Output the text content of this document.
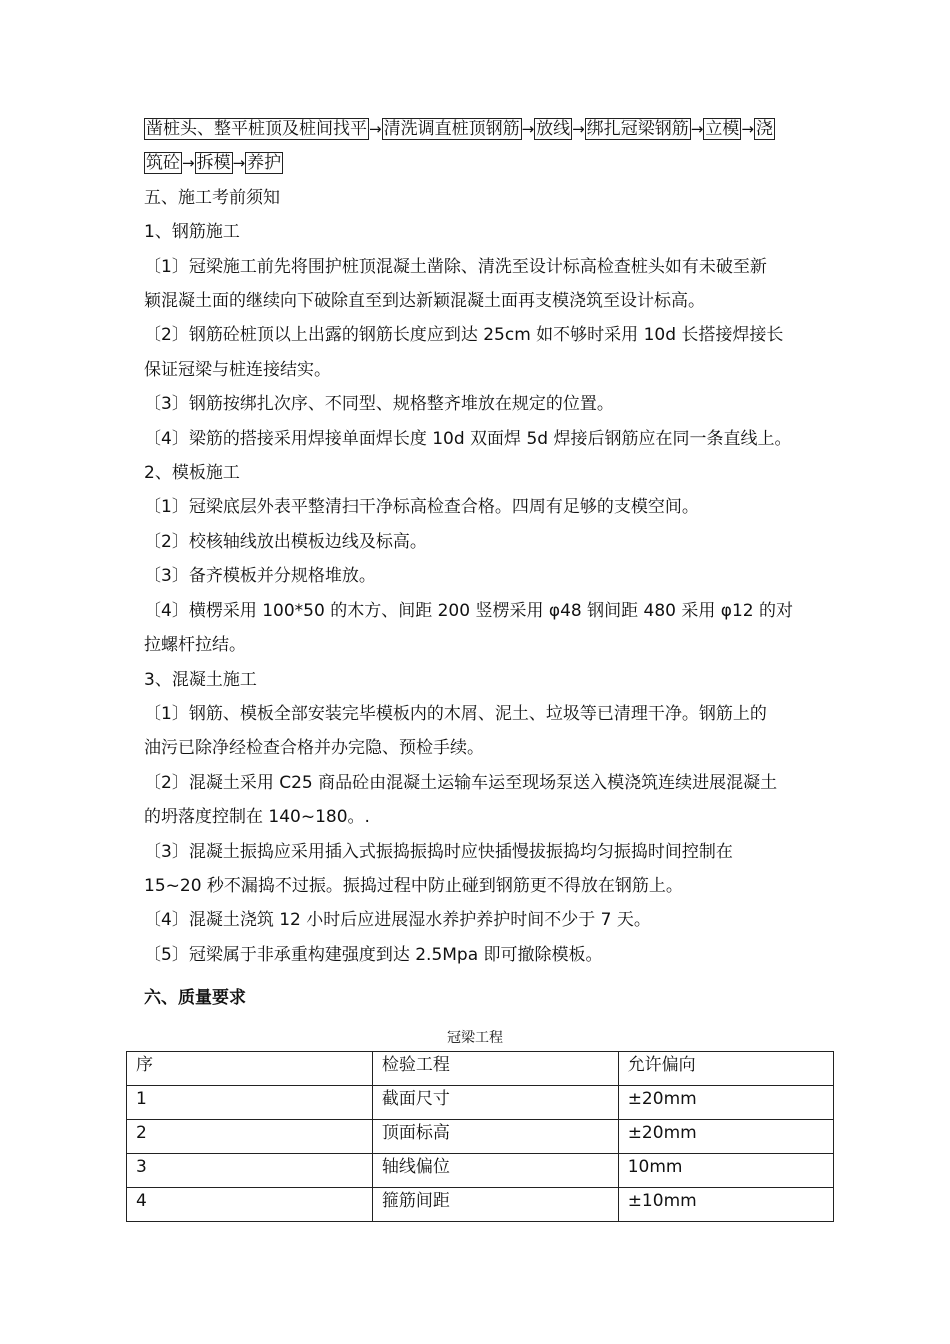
凿桩头、整平桩顶及桩间找平 → 清洗调直桩顶钢筋 → 放线 → 绑扎冠梁钢筋 → 立模 → 浇

筑砼 → 拆模 → 养护

五、施工考前须知

1、钢筋施工

〔1〕冠梁施工前先将围护桩顶混凝土凿除、清洗至设计标高检查桩头如有未破至新

颖混凝土面的继续向下破除直至到达新颖混凝土面再支模浇筑至设计标高。

〔2〕钢筋砼桩顶以上出露的钢筋长度应到达 25cm 如不够时采用 10d 长搭接焊接长

保证冠梁与桩连接结实。

〔3〕钢筋按绑扎次序、不同型、规格整齐堆放在规定的位置。

〔4〕梁筋的搭接采用焊接单面焊长度 10d 双面焊 5d 焊接后钢筋应在同一条直线上。

2、模板施工

〔1〕冠梁底层外表平整清扫干净标高检查合格。四周有足够的支模空间。

〔2〕校核轴线放出模板边线及标高。

〔3〕备齐模板并分规格堆放。

〔4〕横楞采用 100*50 的木方、间距 200 竖楞采用 φ48 钢间距 480 采用 φ12 的对

拉螺杆拉结。

3、混凝土施工

〔1〕钢筋、模板全部安装完毕模板内的木屑、泥土、垃圾等已清理干净。钢筋上的

油污已除净经检查合格并办完隐、预检手续。

〔2〕混凝土采用 C25 商品砼由混凝土运输车运至现场泵送入模浇筑连续进展混凝土

的坍落度控制在 140~180。.

〔3〕混凝土振捣应采用插入式振捣振捣时应快插慢拔振捣均匀振捣时间控制在

15~20 秒不漏捣不过振。振捣过程中防止碰到钢筋更不得放在钢筋上。

〔4〕混凝土浇筑 12 小时后应进展湿水养护养护时间不少于 7 天。

〔5〕冠梁属于非承重构建强度到达 2.5Mpa 即可撤除模板。

六、质量要求

冠梁工程
序	检验工程	允许偏向
1	截面尺寸	±20mm
2	顶面标高	±20mm
3	轴线偏位	10mm
4	箍筋间距	±10mm
